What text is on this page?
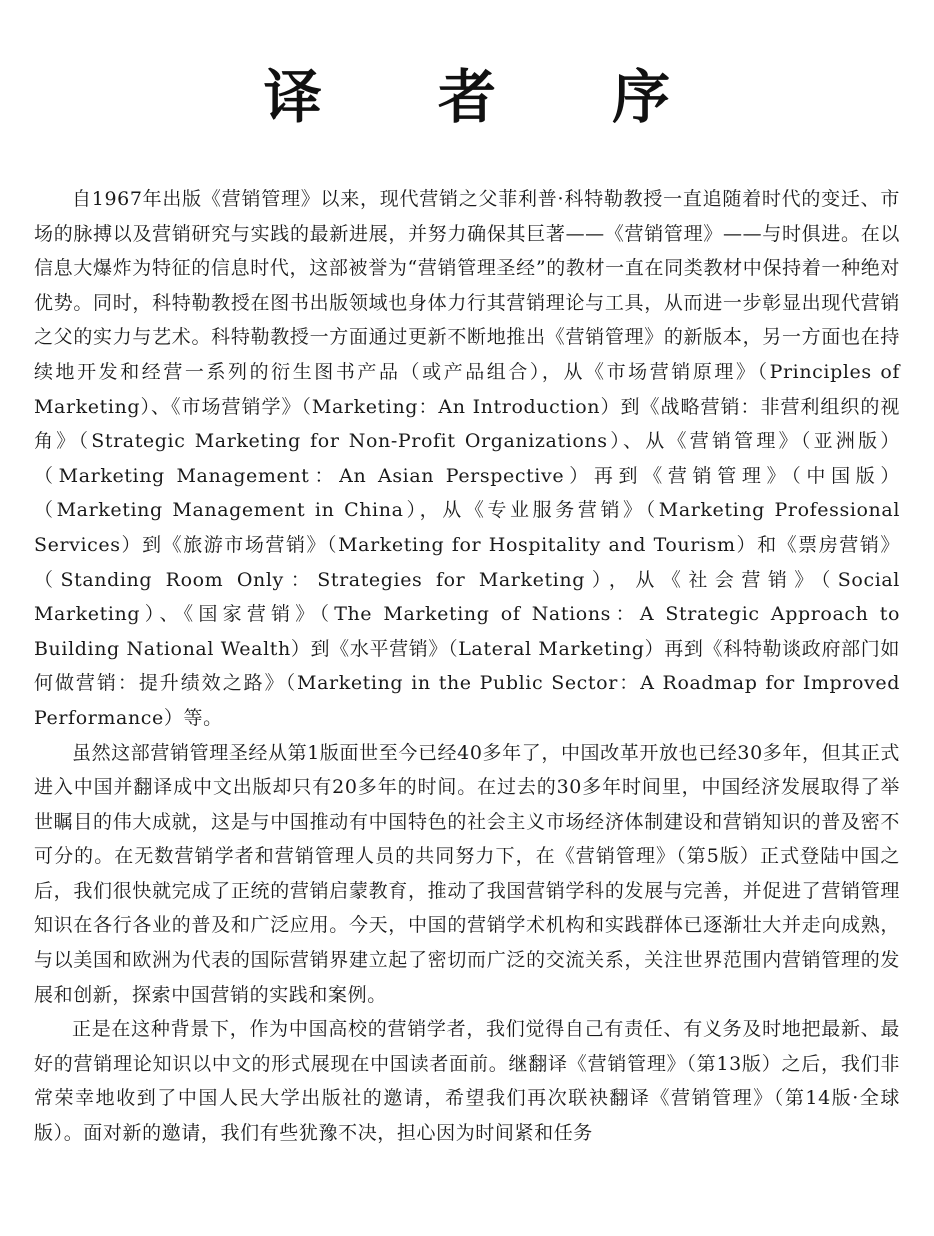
译 者 序

自1967年出版《营销管理》以来，现代营销之父菲利普·科特勒教授一直追随着时代的变迁、市场的脉搏以及营销研究与实践的最新进展，并努力确保其巨著——《营销管理》——与时俱进。在以信息大爆炸为特征的信息时代，这部被誉为“营销管理圣经”的教材一直在同类教材中保持着一种绝对优势。同时，科特勒教授在图书出版领域也身体力行其营销理论与工具，从而进一步彰显出现代营销之父的实力与艺术。科特勒教授一方面通过更新不断地推出《营销管理》的新版本，另一方面也在持续地开发和经营一系列的衍生图书产品（或产品组合），从《市场营销原理》（Principles of Marketing）、《市场营销学》（Marketing：An Introduction）到《战略营销：非营利组织的视角》（Strategic Marketing for Non-Profit Organizations）、从《营销管理》（亚洲版）（Marketing Management：An Asian Perspective）再到《营销管理》（中国版）（Marketing Management in China），从《专业服务营销》（Marketing Professional Services）到《旅游市场营销》（Marketing for Hospitality and Tourism）和《票房营销》（Standing Room Only：Strategies for Marketing），从《社会营销》（Social Marketing）、《国家营销》（The Marketing of Nations：A Strategic Approach to Building National Wealth）到《水平营销》（Lateral Marketing）再到《科特勒谈政府部门如何做营销：提升绩效之路》（Marketing in the Public Sector：A Roadmap for Improved Performance）等。

虽然这部营销管理圣经从第1版面世至今已经40多年了，中国改革开放也已经30多年，但其正式进入中国并翻译成中文出版却只有20多年的时间。在过去的30多年时间里，中国经济发展取得了举世瞩目的伟大成就，这是与中国推动有中国特色的社会主义市场经济体制建设和营销知识的普及密不可分的。在无数营销学者和营销管理人员的共同努力下，在《营销管理》（第5版）正式登陆中国之后，我们很快就完成了正统的营销启蒙教育，推动了我国营销学科的发展与完善，并促进了营销管理知识在各行各业的普及和广泛应用。今天，中国的营销学术机构和实践群体已逐渐壮大并走向成熟，与以美国和欧洲为代表的国际营销界建立起了密切而广泛的交流关系，关注世界范围内营销管理的发展和创新，探索中国营销的实践和案例。

正是在这种背景下，作为中国高校的营销学者，我们觉得自己有责任、有义务及时地把最新、最好的营销理论知识以中文的形式展现在中国读者面前。继翻译《营销管理》（第13版）之后，我们非常荣幸地收到了中国人民大学出版社的邀请，希望我们再次联袂翻译《营销管理》（第14版·全球版）。面对新的邀请，我们有些犹豫不决，担心因为时间紧和任务
